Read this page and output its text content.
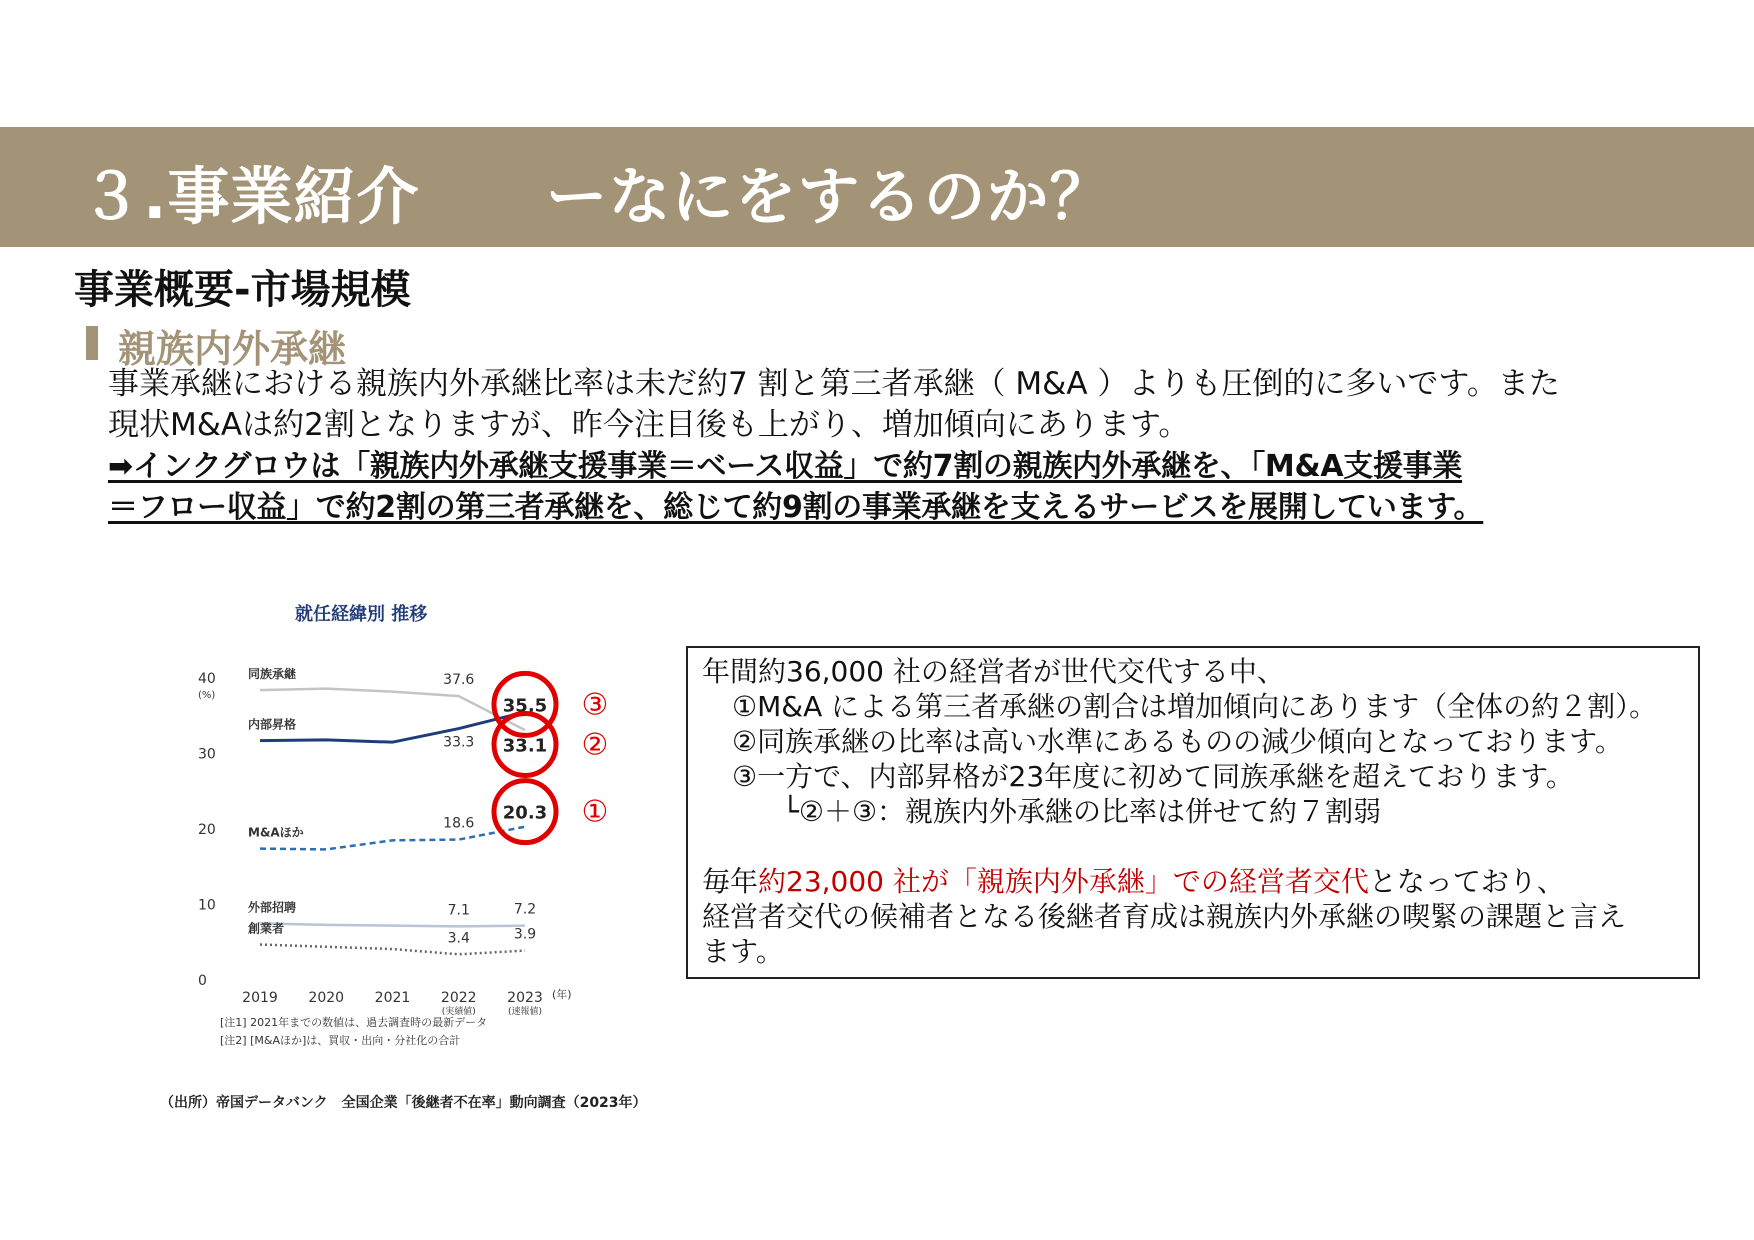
３.事業紹介　　ーなにをするのか？
事業概要-市場規模
親族内外承継
事業承継における親族内外承継比率は未だ約7 割と第三者承継（ M&A ）よりも圧倒的に多いです。また
現状M&Aは約2割となりますが、昨今注目後も上がり、増加傾向にあります。
➡インクグロウは「親族内外承継支援事業＝ベース収益」で約7割の親族内外承継を、「M&A支援事業
＝フロー収益」で約2割の第三者承継を、総じて約9割の事業承継を支えるサービスを展開しています。
就任経緯別 推移
(%)
(年)
40
30
20
10
0
2019 2020 2021 2022
(実績値)
2023
(速報値)
同族承継	37.6
内部昇格
33.3
M&Aほか
18.6
外部招聘	7.1	7.2
創業者
3.4	3.9
35.5 ③
33.1 ②
20.3 ①
[注1] 2021年までの数値は、過去調査時の最新データ
[注2] [M&Aほか]は、買収・出向・分社化の合計
（出所）帝国データバンク　全国企業「後継者不在率」動向調査（2023年）
年間約36,000 社の経営者が世代交代する中、
①M&A による第三者承継の割合は増加傾向にあります（全体の約２割）。
②同族承継の比率は高い水準にあるものの減少傾向となっております。
③一方で、内部昇格が23年度に初めて同族承継を超えております。
└②＋③：親族内外承継の比率は併せて約７割弱
毎年約23,000 社が「親族内外承継」での経営者交代となっており、
経営者交代の候補者となる後継者育成は親族内外承継の喫緊の課題と言え
ます。
